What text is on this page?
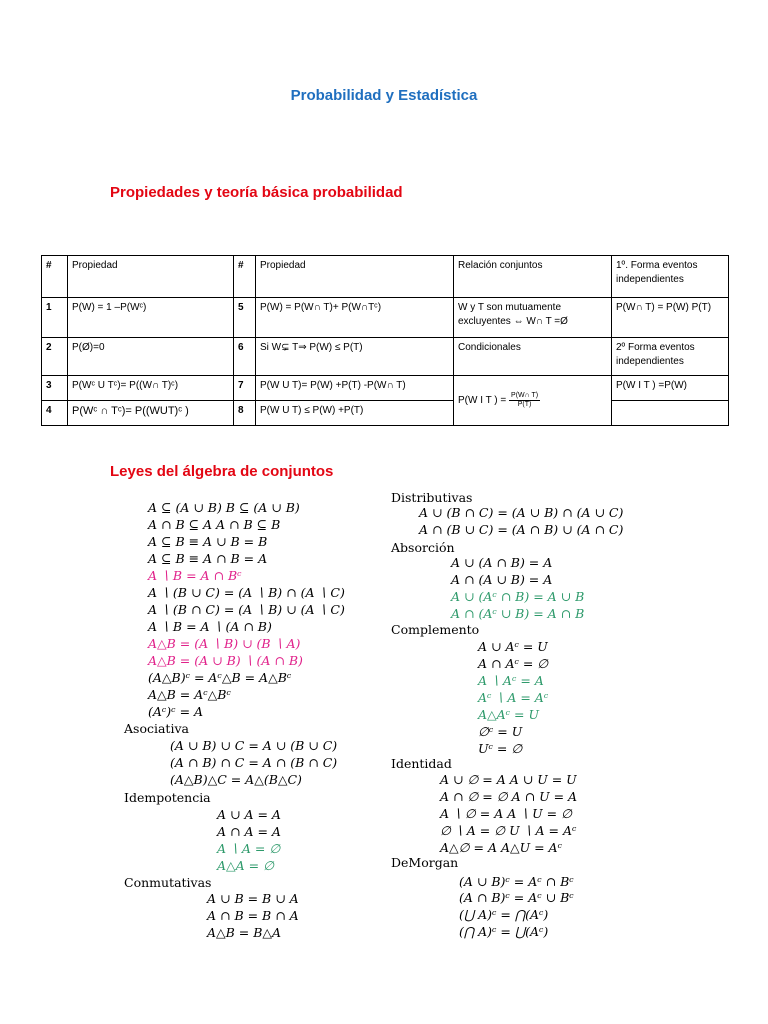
Probabilidad y Estadística
Propiedades y teoría básica probabilidad
#	Propiedad	#	Propiedad	Relación conjuntos	1º. Forma eventos independientes
1	P(W) = 1 –P(Wᶜ)	5	P(W) = P(W∩ T)+ P(W∩Tᶜ)	W y T son mutuamente excluyentes ⇔ W∩ T =Ø	P(W∩ T) = P(W) P(T)
2	P(Ø)=0	6	Si W⊊ T⇒ P(W) ≤ P(T)	Condicionales	2º Forma eventos independientes
3	P(Wᶜ U Tᶜ)= P((W∩ T)ᶜ)	7	P(W U T)= P(W) +P(T) -P(W∩ T)	P(W I T ) = $\frac{P(W\cap T)}{P(T)}$	P(W I T ) =P(W)
4	P(Wᶜ ∩ Tᶜ)= P((WUT)ᶜ )	8	P(W U T) ≤ P(W) +P(T)		
Leyes del álgebra de conjuntos
A ⊆ (A ∪ B) B ⊆ (A ∪ B)
A ∩ B ⊆ A A ∩ B ⊆ B
A ⊆ B ≡ A ∪ B = B
A ⊆ B ≡ A ∩ B = A
A ∖ B = A ∩ Bᶜ
A ∖ (B ∪ C) = (A ∖ B) ∩ (A ∖ C)
A ∖ (B ∩ C) = (A ∖ B) ∪ (A ∖ C)
A ∖ B = A ∖ (A ∩ B)
A△B = (A ∖ B) ∪ (B ∖ A)
A△B = (A ∪ B) ∖ (A ∩ B)
(A△B)ᶜ = Aᶜ△B = A△Bᶜ
A△B = Aᶜ△Bᶜ
(Aᶜ)ᶜ = A
Asociativa
(A ∪ B) ∪ C = A ∪ (B ∪ C)
(A ∩ B) ∩ C = A ∩ (B ∩ C)
(A△B)△C = A△(B△C)
Idempotencia
A ∪ A = A
A ∩ A = A
A ∖ A = ∅
A△A = ∅
Conmutativas
A ∪ B = B ∪ A
A ∩ B = B ∩ A
A△B = B△A
Distributivas
A ∪ (B ∩ C) = (A ∪ B) ∩ (A ∪ C)
A ∩ (B ∪ C) = (A ∩ B) ∪ (A ∩ C)
Absorción
A ∪ (A ∩ B) = A
A ∩ (A ∪ B) = A
A ∪ (Aᶜ ∩ B) = A ∪ B
A ∩ (Aᶜ ∪ B) = A ∩ B
Complemento
A ∪ Aᶜ = U
A ∩ Aᶜ = ∅
A ∖ Aᶜ = A
Aᶜ ∖ A = Aᶜ
A△Aᶜ = U
∅ᶜ = U
Uᶜ = ∅
Identidad
A ∪ ∅ = A A ∪ U = U
A ∩ ∅ = ∅ A ∩ U = A
A ∖ ∅ = A A ∖ U = ∅
∅ ∖ A = ∅ U ∖ A = Aᶜ
A△∅ = A A△U = Aᶜ
DeMorgan
(A ∪ B)ᶜ = Aᶜ ∩ Bᶜ
(A ∩ B)ᶜ = Aᶜ ∪ Bᶜ
(⋃ A)ᶜ = ⋂(Aᶜ)
(⋂ A)ᶜ = ⋃(Aᶜ)
